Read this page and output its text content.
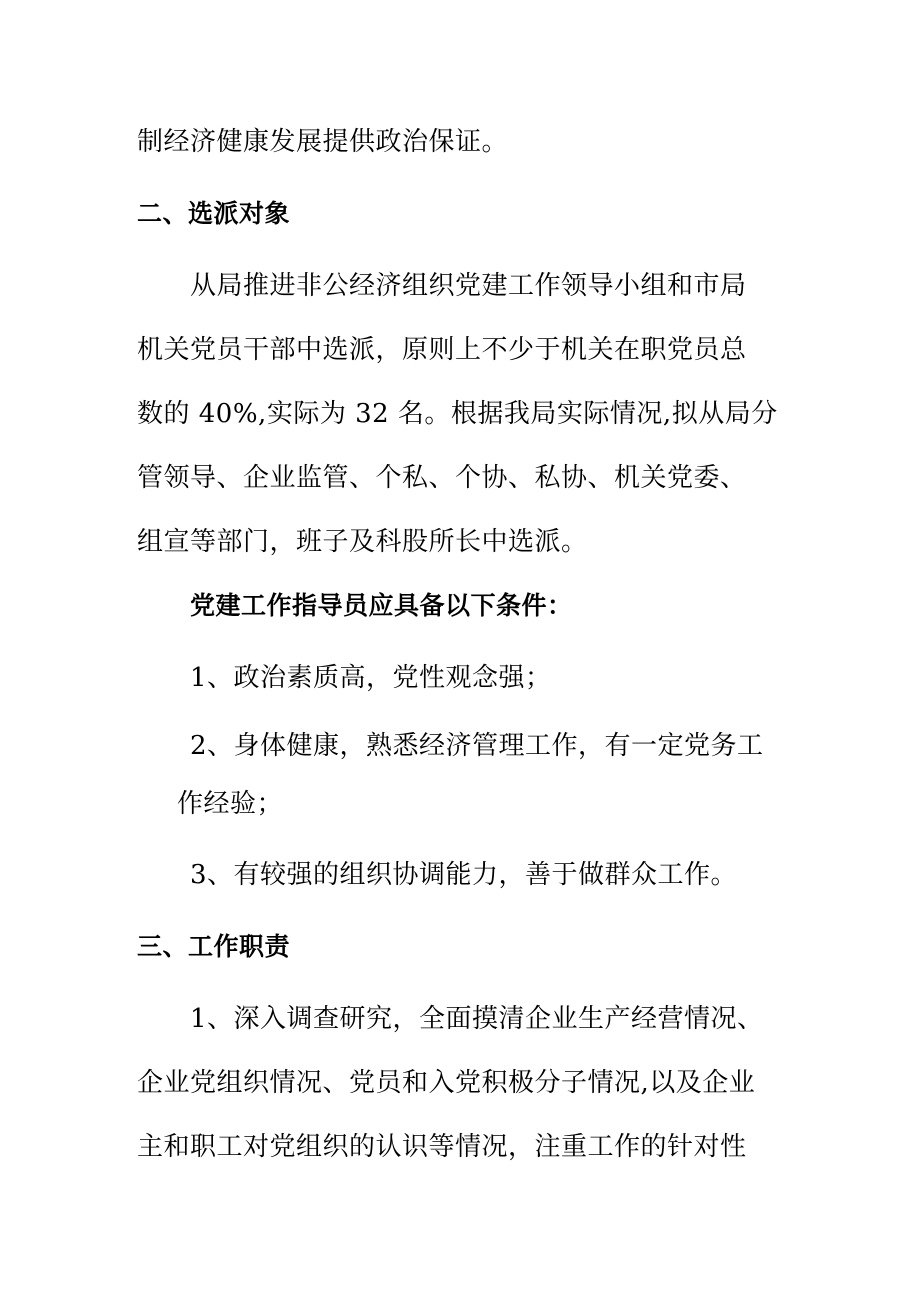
制经济健康发展提供政治保证。
二、选派对象
从局推进非公经济组织党建工作领导小组和市局
机关党员干部中选派，原则上不少于机关在职党员总
数的 40%,实际为 32 名。根据我局实际情况,拟从局分
管领导、企业监管、个私、个协、私协、机关党委、
组宣等部门，班子及科股所长中选派。
党建工作指导员应具备以下条件：
1、政治素质高，党性观念强；
2、身体健康，熟悉经济管理工作，有一定党务工
作经验；
3、有较强的组织协调能力，善于做群众工作。
三、工作职责
1、深入调查研究，全面摸清企业生产经营情况、
企业党组织情况、党员和入党积极分子情况,以及企业
主和职工对党组织的认识等情况，注重工作的针对性
